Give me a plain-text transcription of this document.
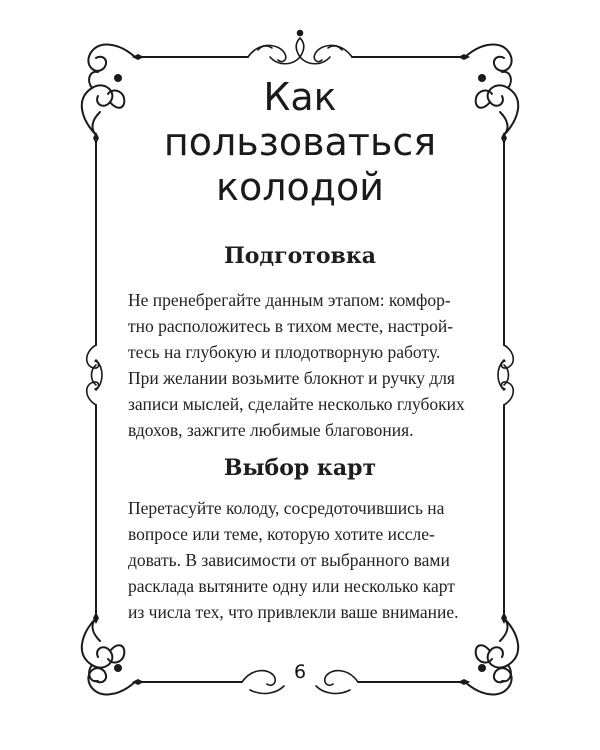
Как
пользоваться
колодой
Подготовка
Не пренебрегайте данным этапом: комфор-
тно расположитесь в тихом месте, настрой-
тесь на глубокую и плодотворную работу.
При желании возьмите блокнот и ручку для
записи мыслей, сделайте несколько глубоких
вдохов, зажгите любимые благовония.
Выбор карт
Перетасуйте колоду, сосредоточившись на
вопросе или теме, которую хотите иссле-
довать. В зависимости от выбранного вами
расклада вытяните одну или несколько карт
из числа тех, что привлекли ваше внимание.
6
